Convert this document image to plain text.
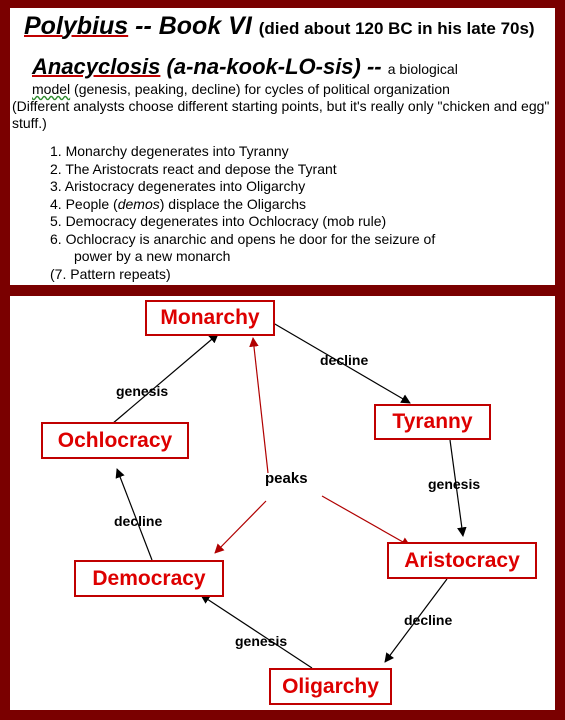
Polybius -- Book VI (died about 120 BC in his late 70s)
Anacyclosis (a-na-kook-LO-sis) -- a biological
model (genesis, peaking, decline) for cycles of political organization
(Different analysts choose different starting points, but it's really only "chicken and egg" stuff.)
1. Monarchy degenerates into Tyranny
2. The Aristocrats react and depose the Tyrant
3. Aristocracy degenerates into Oligarchy
4. People (demos) displace the Oligarchs
5. Democracy degenerates into Ochlocracy (mob rule)
6. Ochlocracy is anarchic and opens he door for the seizure of
power by a new monarch
(7. Pattern repeats)
Monarchy
Tyranny
Aristocracy
Oligarchy
Democracy
Ochlocracy
decline
genesis
decline
genesis
decline
genesis
peaks
